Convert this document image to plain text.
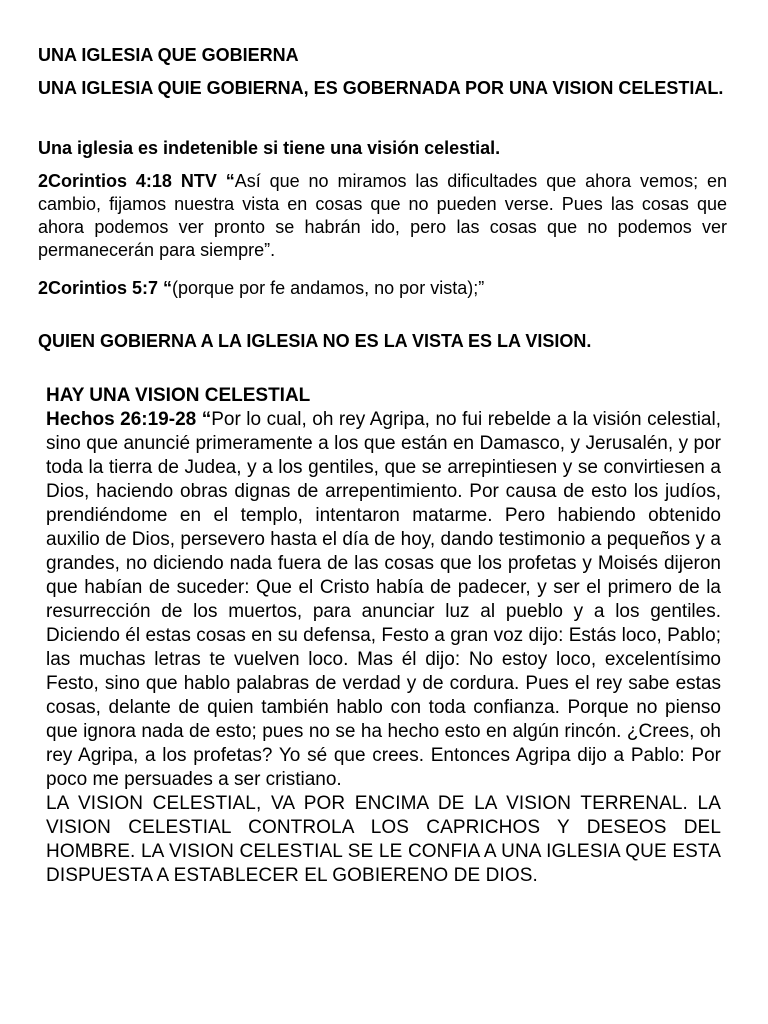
UNA IGLESIA QUE GOBIERNA
UNA IGLESIA QUIE GOBIERNA, ES GOBERNADA POR UNA VISION CELESTIAL.
Una iglesia es indetenible si tiene una visión celestial.
2Corintios 4:18 NTV “Así que no miramos las dificultades que ahora vemos; en cambio, fijamos nuestra vista en cosas que no pueden verse. Pues las cosas que ahora podemos ver pronto se habrán ido, pero las cosas que no podemos ver permanecerán para siempre”.
2Corintios 5:7 “(porque por fe andamos, no por vista);”
QUIEN GOBIERNA A LA IGLESIA NO ES LA VISTA ES LA VISION.

HAY UNA VISION CELESTIAL

Hechos 26:19-28 “Por lo cual, oh rey Agripa, no fui rebelde a la visión celestial, sino que anuncié primeramente a los que están en Damasco, y Jerusalén, y por toda la tierra de Judea, y a los gentiles, que se arrepintiesen y se convirtiesen a Dios, haciendo obras dignas de arrepentimiento. Por causa de esto los judíos, prendiéndome en el templo, intentaron matarme. Pero habiendo obtenido auxilio de Dios, persevero hasta el día de hoy, dando testimonio a pequeños y a grandes, no diciendo nada fuera de las cosas que los profetas y Moisés dijeron que habían de suceder: Que el Cristo había de padecer, y ser el primero de la resurrección de los muertos, para anunciar luz al pueblo y a los gentiles. Diciendo él estas cosas en su defensa, Festo a gran voz dijo: Estás loco, Pablo; las muchas letras te vuelven loco. Mas él dijo: No estoy loco, excelentísimo Festo, sino que hablo palabras de verdad y de cordura. Pues el rey sabe estas cosas, delante de quien también hablo con toda confianza. Porque no pienso que ignora nada de esto; pues no se ha hecho esto en algún rincón. ¿Crees, oh rey Agripa, a los profetas? Yo sé que crees. Entonces Agripa dijo a Pablo: Por poco me persuades a ser cristiano.

LA VISION CELESTIAL, VA POR ENCIMA DE LA VISION TERRENAL. LA VISION CELESTIAL CONTROLA LOS CAPRICHOS Y DESEOS DEL HOMBRE. LA VISION CELESTIAL SE LE CONFIA A UNA IGLESIA QUE ESTA DISPUESTA A ESTABLECER EL GOBIERENO DE DIOS.
